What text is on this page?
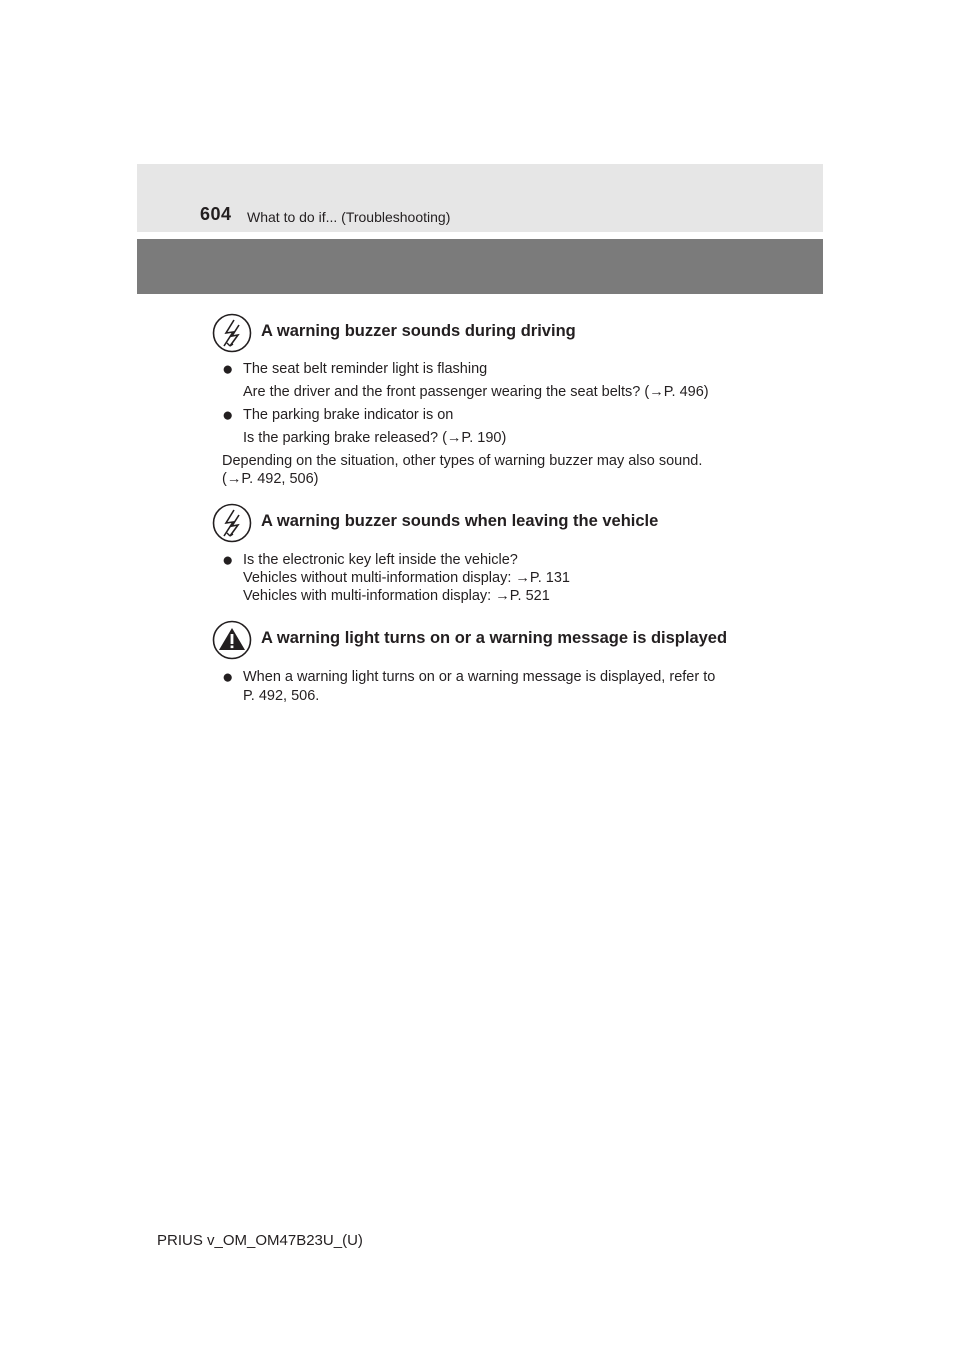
604 What to do if... (Troubleshooting)
A warning buzzer sounds during driving
● The seat belt reminder light is flashing
Are the driver and the front passenger wearing the seat belts? (→P. 496)
● The parking brake indicator is on
Is the parking brake released? (→P. 190)
Depending on the situation, other types of warning buzzer may also sound.
(→P. 492, 506)
A warning buzzer sounds when leaving the vehicle
● Is the electronic key left inside the vehicle?
Vehicles without multi-information display: →P. 131
Vehicles with multi-information display: →P. 521
A warning light turns on or a warning message is displayed
● When a warning light turns on or a warning message is displayed, refer to
P. 492, 506.
PRIUS v_OM_OM47B23U_(U)
